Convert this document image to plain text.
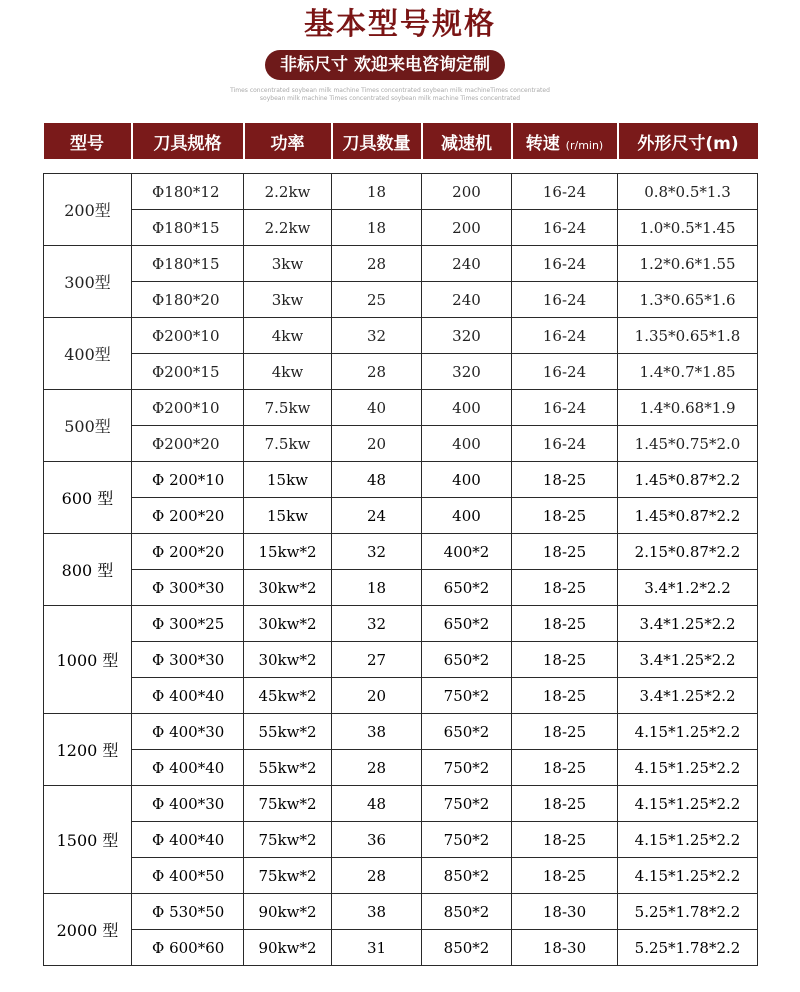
基本型号规格
非标尺寸 欢迎来电咨询定制
Times concentrated soybean milk machine Times concentrated soybean milk machineTimes concentrated
soybean milk machine Times concentrated soybean milk machine Times concentrated
型号	刀具规格	功率	刀具数量	减速机	转速 (r/min)	外形尺寸(m)

200型	Φ180*12	2.2kw	18	200	16-24	0.8*0.5*1.3
	Φ180*15	2.2kw	18	200	16-24	1.0*0.5*1.45
300型	Φ180*15	3kw	28	240	16-24	1.2*0.6*1.55
	Φ180*20	3kw	25	240	16-24	1.3*0.65*1.6
400型	Φ200*10	4kw	32	320	16-24	1.35*0.65*1.8
	Φ200*15	4kw	28	320	16-24	1.4*0.7*1.85
500型	Φ200*10	7.5kw	40	400	16-24	1.4*0.68*1.9
	Φ200*20	7.5kw	20	400	16-24	1.45*0.75*2.0
600 型	Φ 200*10	15kw	48	400	18-25	1.45*0.87*2.2
	Φ 200*20	15kw	24	400	18-25	1.45*0.87*2.2
800 型	Φ 200*20	15kw*2	32	400*2	18-25	2.15*0.87*2.2
	Φ 300*30	30kw*2	18	650*2	18-25	3.4*1.2*2.2
1000 型	Φ 300*25	30kw*2	32	650*2	18-25	3.4*1.25*2.2
	Φ 300*30	30kw*2	27	650*2	18-25	3.4*1.25*2.2
	Φ 400*40	45kw*2	20	750*2	18-25	3.4*1.25*2.2
1200 型	Φ 400*30	55kw*2	38	650*2	18-25	4.15*1.25*2.2
	Φ 400*40	55kw*2	28	750*2	18-25	4.15*1.25*2.2
1500 型	Φ 400*30	75kw*2	48	750*2	18-25	4.15*1.25*2.2
	Φ 400*40	75kw*2	36	750*2	18-25	4.15*1.25*2.2
	Φ 400*50	75kw*2	28	850*2	18-25	4.15*1.25*2.2
2000 型	Φ 530*50	90kw*2	38	850*2	18-30	5.25*1.78*2.2
	Φ 600*60	90kw*2	31	850*2	18-30	5.25*1.78*2.2
